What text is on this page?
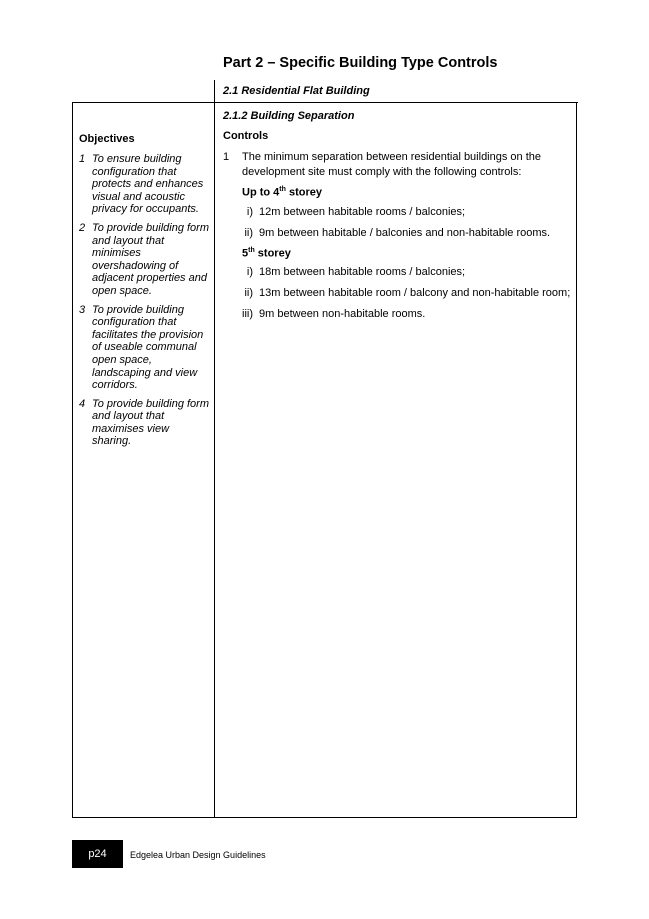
Part 2 – Specific Building Type Controls
2.1 Residential Flat Building
Objectives
1 To ensure building configuration that protects and enhances visual and acoustic privacy for occupants.
2 To provide building form and layout that minimises overshadowing of adjacent properties and open space.
3 To provide building configuration that facilitates the provision of useable communal open space, landscaping and view corridors.
4 To provide building form and layout that maximises view sharing.
2.1.2 Building Separation
Controls
1 The minimum separation between residential buildings on the development site must comply with the following controls:
Up to 4th storey
i) 12m between habitable rooms / balconies;
ii) 9m between habitable / balconies and non-habitable rooms.
5th storey
i) 18m between habitable rooms / balconies;
ii) 13m between habitable room / balcony and non-habitable room;
iii) 9m between non-habitable rooms.
p24	Edgelea Urban Design Guidelines
